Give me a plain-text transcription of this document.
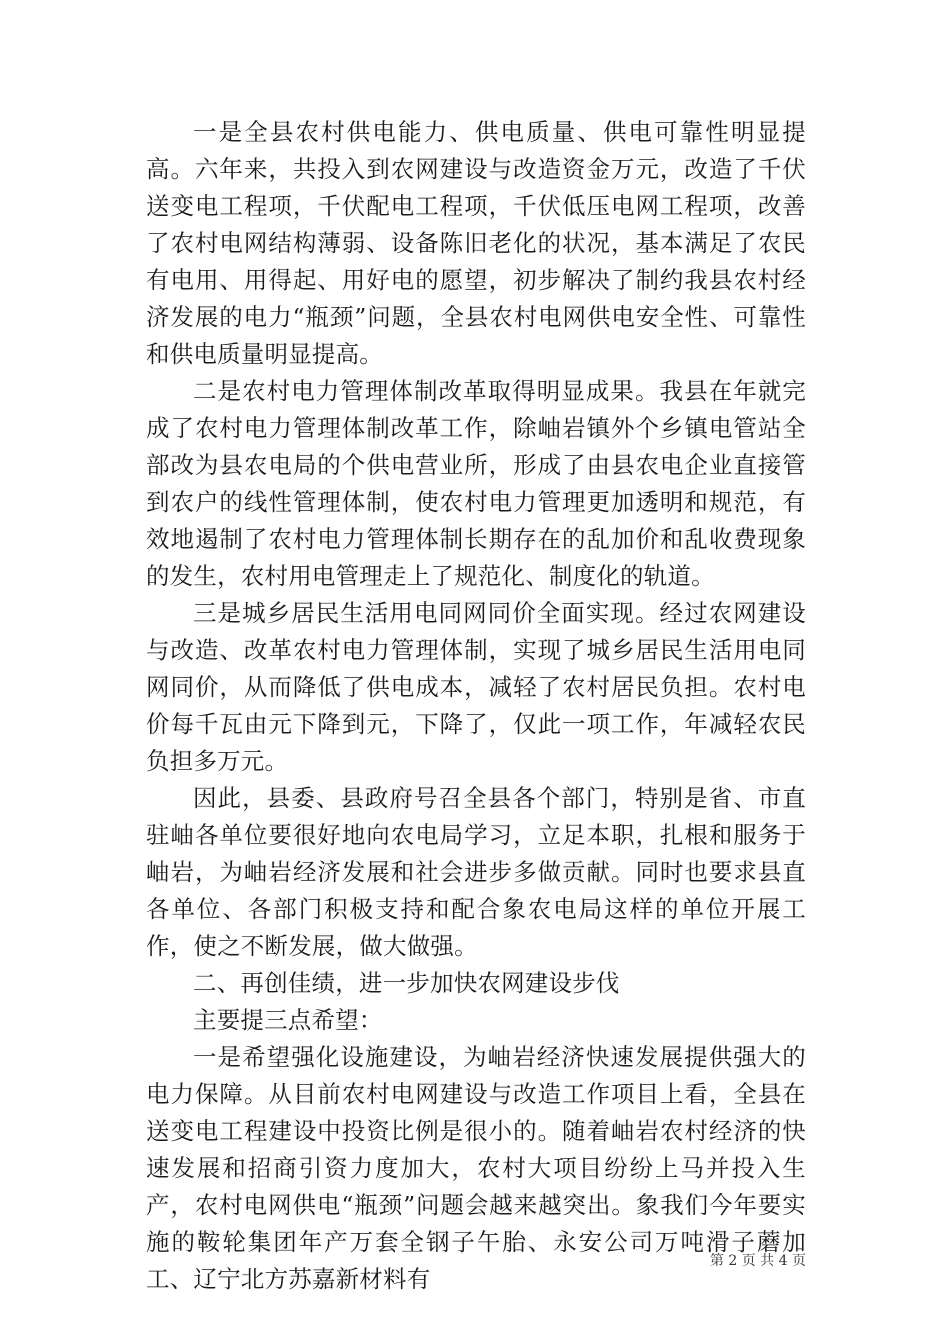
一是全县农村供电能力、供电质量、供电可靠性明显提高。六年来，共投入到农网建设与改造资金万元，改造了千伏送变电工程项，千伏配电工程项，千伏低压电网工程项，改善了农村电网结构薄弱、设备陈旧老化的状况，基本满足了农民有电用、用得起、用好电的愿望，初步解决了制约我县农村经济发展的电力“瓶颈”问题，全县农村电网供电安全性、可靠性和供电质量明显提高。

二是农村电力管理体制改革取得明显成果。我县在年就完成了农村电力管理体制改革工作，除岫岩镇外个乡镇电管站全部改为县农电局的个供电营业所，形成了由县农电企业直接管到农户的线性管理体制，使农村电力管理更加透明和规范，有效地遏制了农村电力管理体制长期存在的乱加价和乱收费现象的发生，农村用电管理走上了规范化、制度化的轨道。

三是城乡居民生活用电同网同价全面实现。经过农网建设与改造、改革农村电力管理体制，实现了城乡居民生活用电同网同价，从而降低了供电成本，减轻了农村居民负担。农村电价每千瓦由元下降到元，下降了，仅此一项工作，年减轻农民负担多万元。

因此，县委、县政府号召全县各个部门，特别是省、市直驻岫各单位要很好地向农电局学习，立足本职，扎根和服务于岫岩，为岫岩经济发展和社会进步多做贡献。同时也要求县直各单位、各部门积极支持和配合象农电局这样的单位开展工作，使之不断发展，做大做强。

二、再创佳绩，进一步加快农网建设步伐

主要提三点希望：

一是希望强化设施建设，为岫岩经济快速发展提供强大的电力保障。从目前农村电网建设与改造工作项目上看，全县在送变电工程建设中投资比例是很小的。随着岫岩农村经济的快速发展和招商引资力度加大，农村大项目纷纷上马并投入生产，农村电网供电“瓶颈”问题会越来越突出。象我们今年要实施的鞍轮集团年产万套全钢子午胎、永安公司万吨滑子蘑加工、辽宁北方苏嘉新材料有

第 2 页 共 4 页
